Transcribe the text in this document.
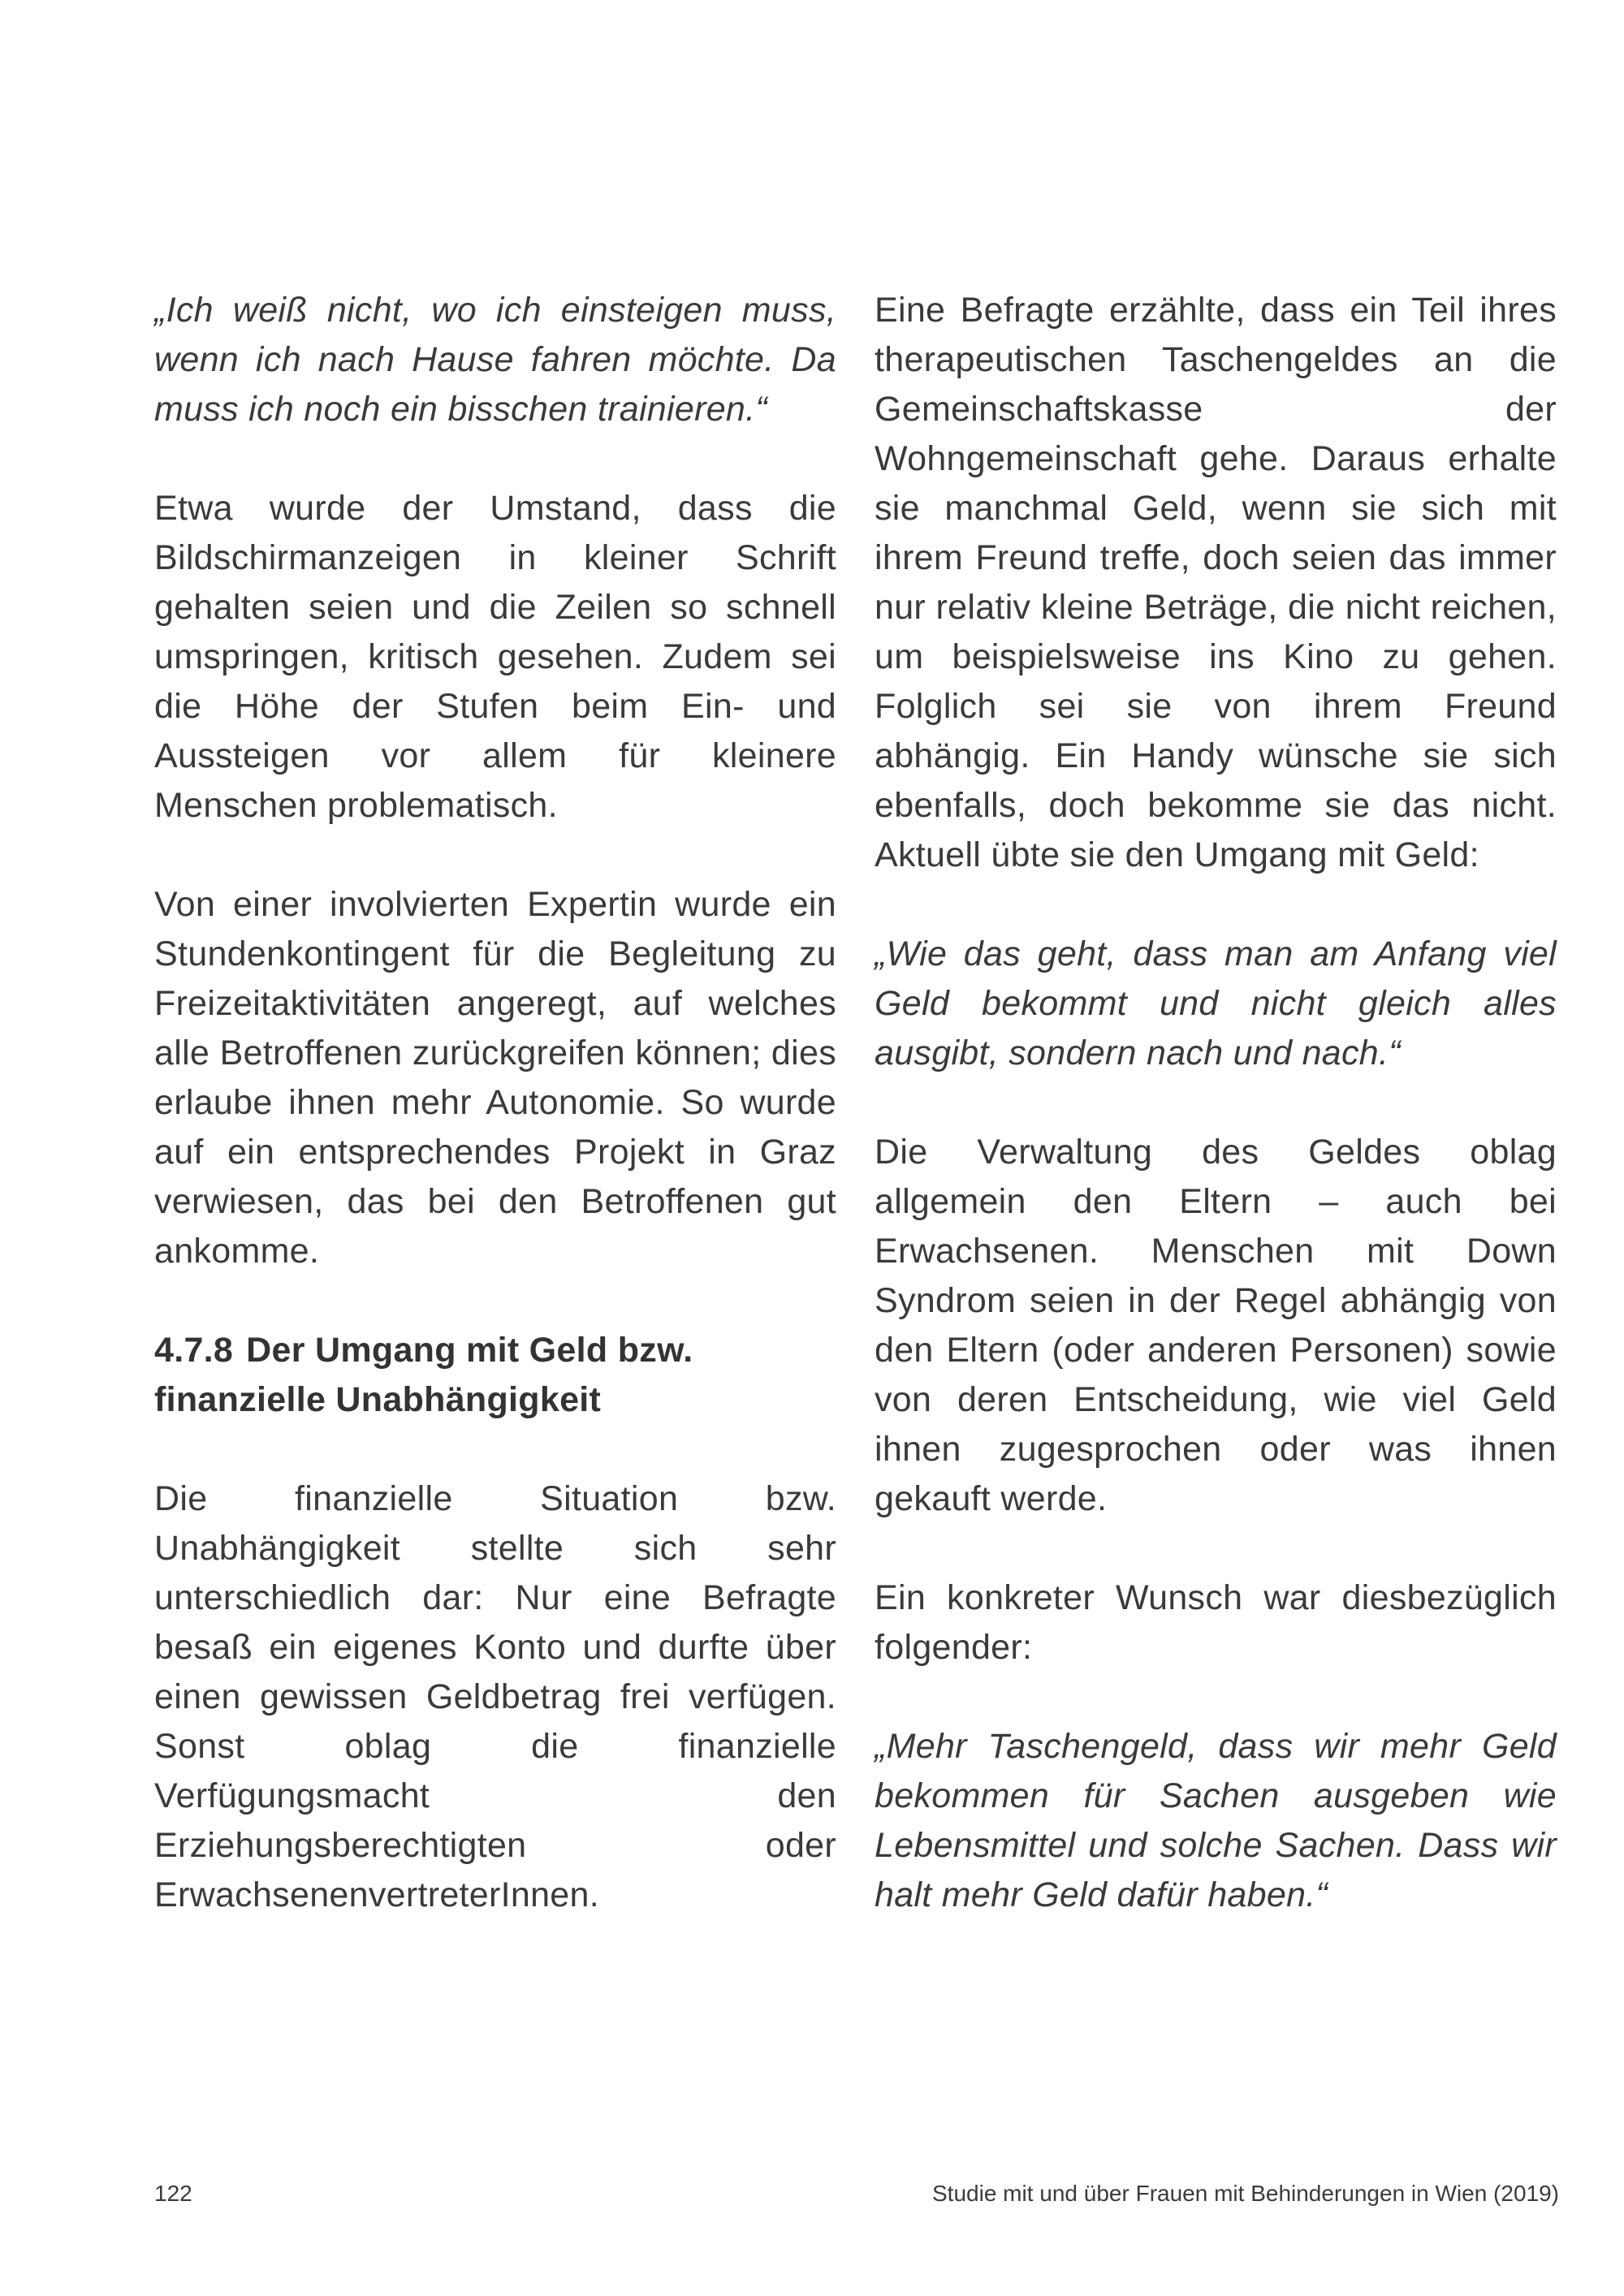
„Ich weiß nicht, wo ich einsteigen muss, wenn ich nach Hause fahren möchte. Da muss ich noch ein bisschen trainieren.“

Etwa wurde der Umstand, dass die Bildschirmanzeigen in kleiner Schrift gehalten seien und die Zeilen so schnell umspringen, kritisch gesehen. Zudem sei die Höhe der Stufen beim Ein- und Aussteigen vor allem für kleinere Menschen problematisch.

Von einer involvierten Expertin wurde ein Stundenkontingent für die Begleitung zu Freizeitaktivitäten angeregt, auf welches alle Betroffenen zurückgreifen können; dies erlaube ihnen mehr Autonomie. So wurde auf ein entsprechendes Projekt in Graz verwiesen, das bei den Betroffenen gut ankomme.

4.7.8 Der Umgang mit Geld bzw. finanzielle Unabhängigkeit

Die finanzielle Situation bzw. Unabhängigkeit stellte sich sehr unterschiedlich dar: Nur eine Befragte besaß ein eigenes Konto und durfte über einen gewissen Geldbetrag frei verfügen. Sonst oblag die finanzielle Verfügungsmacht den Erziehungsberechtigten oder ErwachsenenvertreterInnen.

Eine Befragte erzählte, dass ein Teil ihres therapeutischen Taschengeldes an die Gemeinschaftskasse der Wohngemeinschaft gehe. Daraus erhalte sie manchmal Geld, wenn sie sich mit ihrem Freund treffe, doch seien das immer nur relativ kleine Beträge, die nicht reichen, um beispielsweise ins Kino zu gehen. Folglich sei sie von ihrem Freund abhängig. Ein Handy wünsche sie sich ebenfalls, doch bekomme sie das nicht. Aktuell übte sie den Umgang mit Geld:

„Wie das geht, dass man am Anfang viel Geld bekommt und nicht gleich alles ausgibt, sondern nach und nach.“

Die Verwaltung des Geldes oblag allgemein den Eltern – auch bei Erwachsenen. Menschen mit Down Syndrom seien in der Regel abhängig von den Eltern (oder anderen Personen) sowie von deren Entscheidung, wie viel Geld ihnen zugesprochen oder was ihnen gekauft werde.

Ein konkreter Wunsch war diesbezüglich folgender:

„Mehr Taschengeld, dass wir mehr Geld bekommen für Sachen ausgeben wie Lebensmittel und solche Sachen. Dass wir halt mehr Geld dafür haben.“

122	Studie mit und über Frauen mit Behinderungen in Wien (2019)
